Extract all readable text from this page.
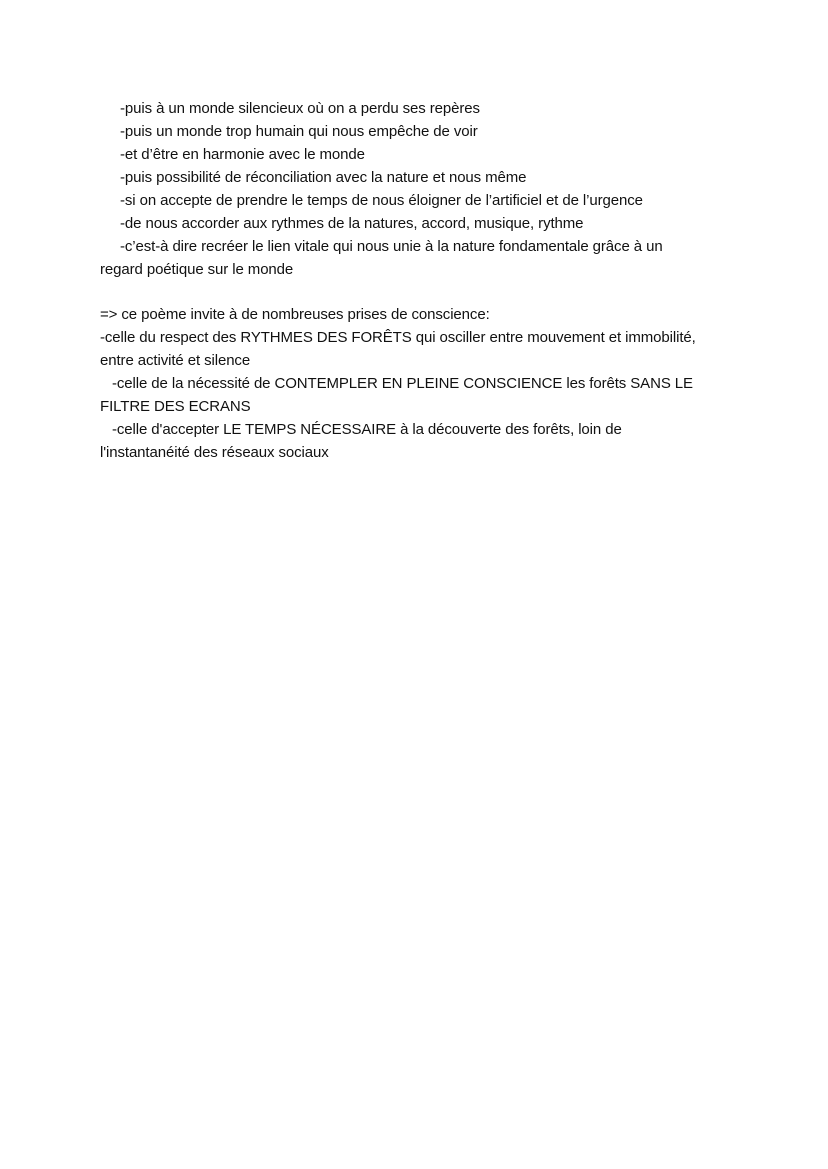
-puis à un monde silencieux où on a perdu ses repères
-puis un monde trop humain qui nous empêche de voir
-et d’être en harmonie avec le monde
-puis possibilité de réconciliation avec la nature et nous même
-si on accepte de prendre le temps de nous éloigner de l’artificiel et de l’urgence
-de nous accorder aux rythmes de la natures, accord, musique, rythme
-c’est-à dire recréer le lien vitale qui nous unie à la nature fondamentale grâce à un
regard poétique sur le monde
=> ce poème invite à de nombreuses prises de conscience:
-celle du respect des RYTHMES DES FORÊTS qui osciller entre mouvement et immobilité,
entre activité et silence
-celle de la nécessité de CONTEMPLER EN PLEINE CONSCIENCE les forêts SANS LE
FILTRE DES ECRANS
-celle d'accepter LE TEMPS NÉCESSAIRE à la découverte des forêts, loin de
l'instantanéité des réseaux sociaux
